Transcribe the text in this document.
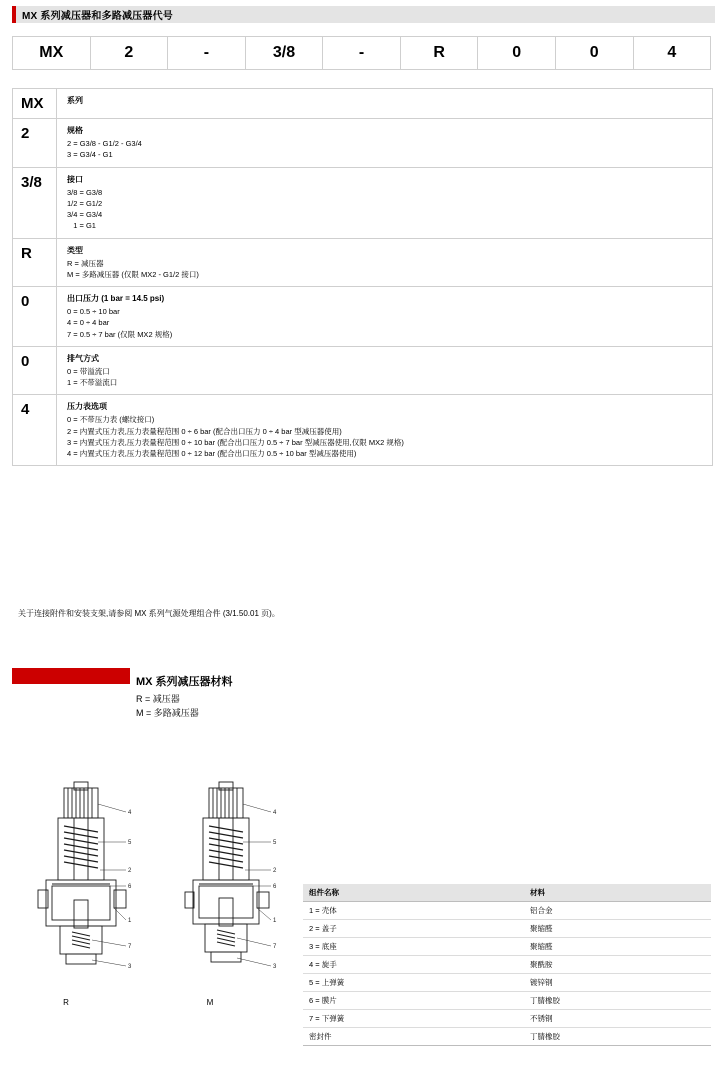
MX 系列减压器和多路减压器代号
MX	2	-	3/8	-	R	0	0	4
MX	系列
2	规格
2 = G3/8 - G1/2 - G3/4
3 = G3/4 - G1
3/8	接口
3/8 = G3/8
1/2 = G1/2
3/4 = G3/4
1 = G1
R	类型
R = 减压器
M = 多路减压器 (仅限 MX2 - G1/2 接口)
0	出口压力 (1 bar = 14.5 psi)
0 = 0.5 ÷ 10 bar
4 = 0 ÷ 4 bar
7 = 0.5 ÷ 7 bar (仅限 MX2 规格)
0	排气方式
0 = 带溢流口
1 = 不带溢流口
4	压力表选项
0 = 不带压力表 (螺纹接口)
2 = 内置式压力表,压力表量程范围 0 ÷ 6 bar (配合出口压力 0 ÷ 4 bar 型减压器使用)
3 = 内置式压力表,压力表量程范围 0 ÷ 10 bar (配合出口压力 0.5 ÷ 7 bar 型减压器使用,仅限 MX2 规格)
4 = 内置式压力表,压力表量程范围 0 ÷ 12 bar (配合出口压力 0.5 ÷ 10 bar 型减压器使用)
关于连接附件和安装支架,请参阅 MX 系列气源处理组合件 (3/1.50.01 页)。
MX 系列减压器材料
R = 减压器
M = 多路减压器
4
5
2
6
1
7
3
4
5
2
6
1
7
3
R	M
组件名称	材料
1 = 壳体	铝合金
2 = 盖子	聚缩醛
3 = 底座	聚缩醛
4 = 旋手	聚酰胺
5 = 上弹簧	镀锌钢
6 = 膜片	丁腈橡胶
7 = 下弹簧	不锈钢
密封件	丁腈橡胶
